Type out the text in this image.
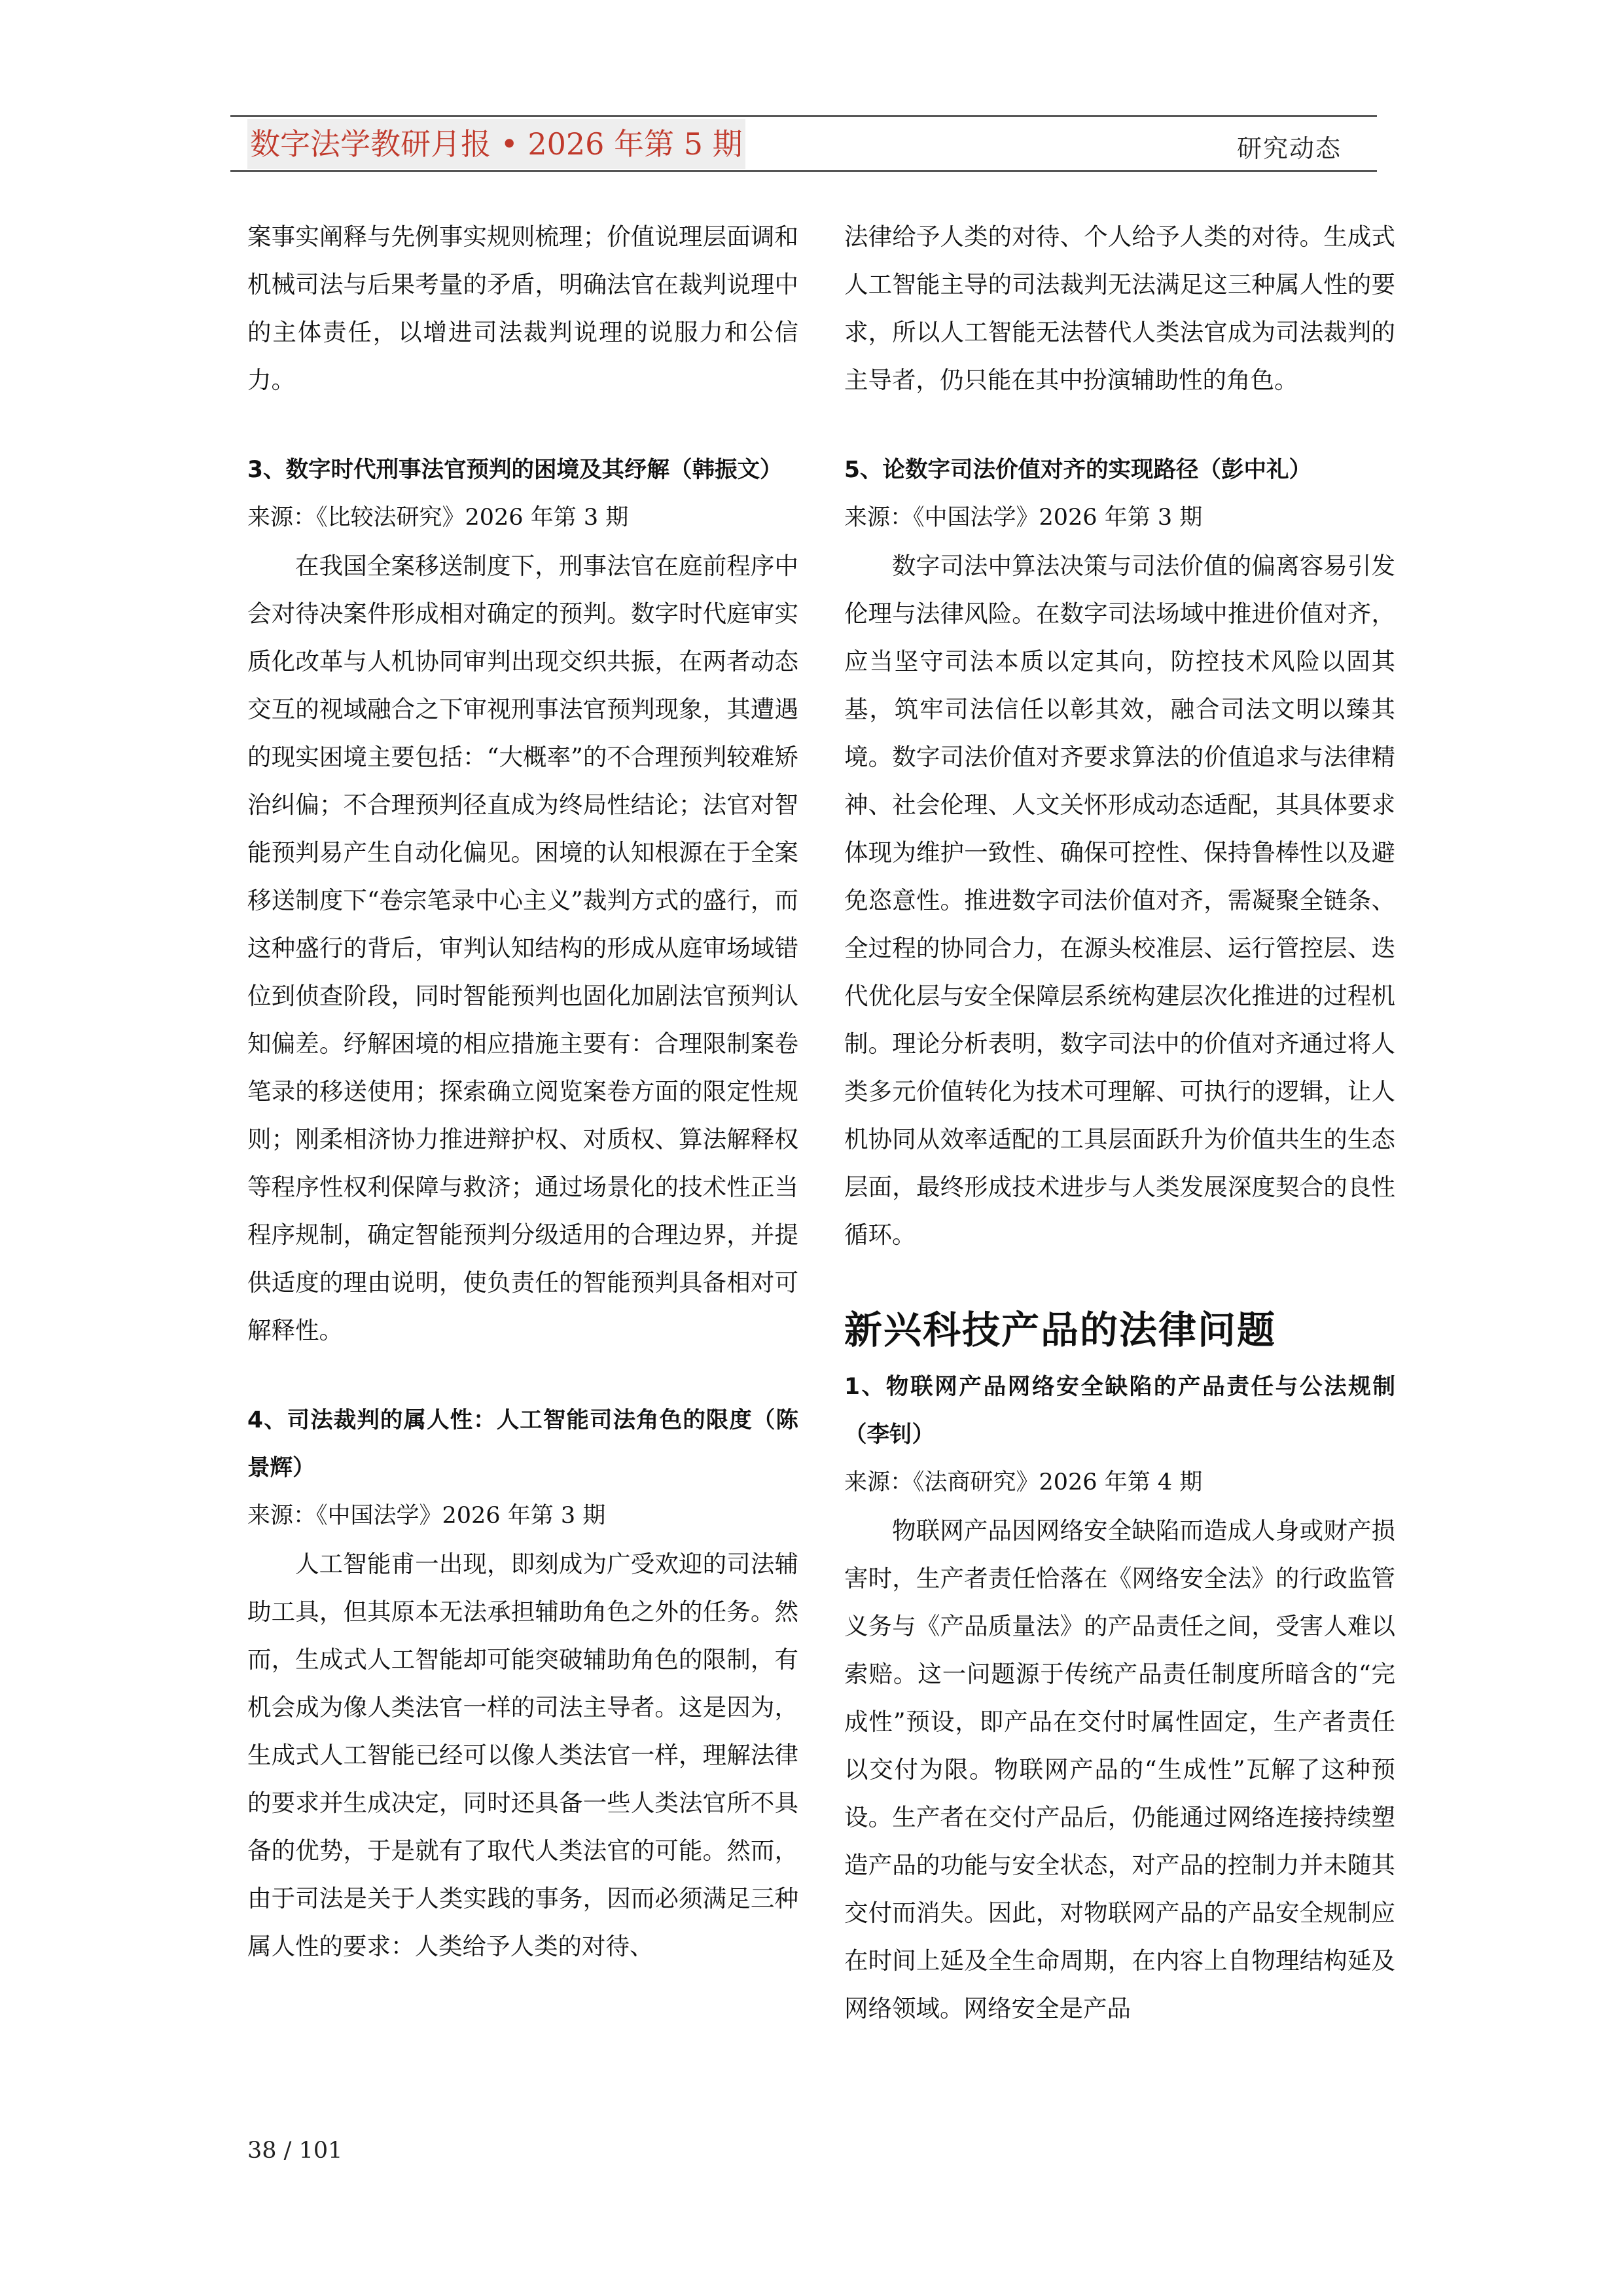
数字法学教研月报 • 2026 年第 5 期	研究动态

案事实阐释与先例事实规则梳理；价值说理层面调和机械司法与后果考量的矛盾，明确法官在裁判说理中的主体责任，以增进司法裁判说理的说服力和公信力。

3、数字时代刑事法官预判的困境及其纾解（韩振文）

来源：《比较法研究》2026 年第 3 期

在我国全案移送制度下，刑事法官在庭前程序中会对待决案件形成相对确定的预判。数字时代庭审实质化改革与人机协同审判出现交织共振，在两者动态交互的视域融合之下审视刑事法官预判现象，其遭遇的现实困境主要包括：“大概率”的不合理预判较难矫治纠偏；不合理预判径直成为终局性结论；法官对智能预判易产生自动化偏见。困境的认知根源在于全案移送制度下“卷宗笔录中心主义”裁判方式的盛行，而这种盛行的背后，审判认知结构的形成从庭审场域错位到侦查阶段，同时智能预判也固化加剧法官预判认知偏差。纾解困境的相应措施主要有：合理限制案卷笔录的移送使用；探索确立阅览案卷方面的限定性规则；刚柔相济协力推进辩护权、对质权、算法解释权等程序性权利保障与救济；通过场景化的技术性正当程序规制，确定智能预判分级适用的合理边界，并提供适度的理由说明，使负责任的智能预判具备相对可解释性。

4、司法裁判的属人性：人工智能司法角色的限度（陈景辉）

来源：《中国法学》2026 年第 3 期

人工智能甫一出现，即刻成为广受欢迎的司法辅助工具，但其原本无法承担辅助角色之外的任务。然而，生成式人工智能却可能突破辅助角色的限制，有机会成为像人类法官一样的司法主导者。这是因为，生成式人工智能已经可以像人类法官一样，理解法律的要求并生成决定，同时还具备一些人类法官所不具备的优势，于是就有了取代人类法官的可能。然而，由于司法是关于人类实践的事务，因而必须满足三种属人性的要求：人类给予人类的对待、

法律给予人类的对待、个人给予人类的对待。生成式人工智能主导的司法裁判无法满足这三种属人性的要求，所以人工智能无法替代人类法官成为司法裁判的主导者，仍只能在其中扮演辅助性的角色。

5、论数字司法价值对齐的实现路径（彭中礼）

来源：《中国法学》2026 年第 3 期

数字司法中算法决策与司法价值的偏离容易引发伦理与法律风险。在数字司法场域中推进价值对齐，应当坚守司法本质以定其向，防控技术风险以固其基，筑牢司法信任以彰其效，融合司法文明以臻其境。数字司法价值对齐要求算法的价值追求与法律精神、社会伦理、人文关怀形成动态适配，其具体要求体现为维护一致性、确保可控性、保持鲁棒性以及避免恣意性。推进数字司法价值对齐，需凝聚全链条、全过程的协同合力，在源头校准层、运行管控层、迭代优化层与安全保障层系统构建层次化推进的过程机制。理论分析表明，数字司法中的价值对齐通过将人类多元价值转化为技术可理解、可执行的逻辑，让人机协同从效率适配的工具层面跃升为价值共生的生态层面，最终形成技术进步与人类发展深度契合的良性循环。

新兴科技产品的法律问题

1、物联网产品网络安全缺陷的产品责任与公法规制（李钊）

来源：《法商研究》2026 年第 4 期

物联网产品因网络安全缺陷而造成人身或财产损害时，生产者责任恰落在《网络安全法》的行政监管义务与《产品质量法》的产品责任之间，受害人难以索赔。这一问题源于传统产品责任制度所暗含的“完成性”预设，即产品在交付时属性固定，生产者责任以交付为限。物联网产品的“生成性”瓦解了这种预设。生产者在交付产品后，仍能通过网络连接持续塑造产品的功能与安全状态，对产品的控制力并未随其交付而消失。因此，对物联网产品的产品安全规制应在时间上延及全生命周期，在内容上自物理结构延及网络领域。网络安全是产品

38 / 101
